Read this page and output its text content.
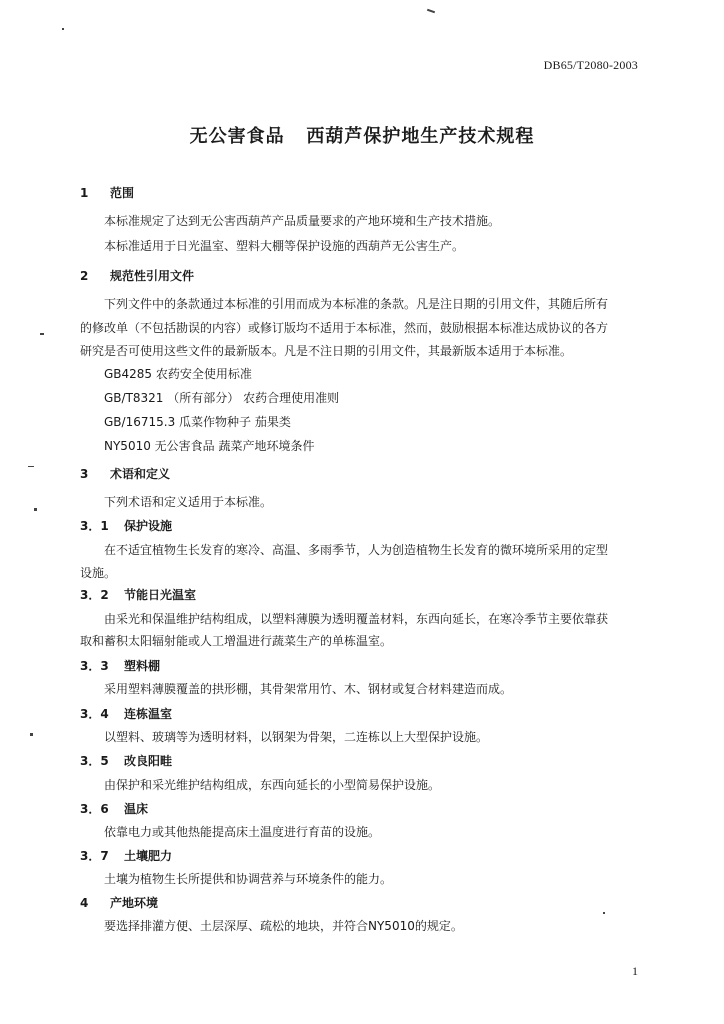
DB65/T2080-2003
无公害食品   西葫芦保护地生产技术规程
1 范围
本标准规定了达到无公害西葫芦产品质量要求的产地环境和生产技术措施。
本标准适用于日光温室、塑料大棚等保护设施的西葫芦无公害生产。
2 规范性引用文件
下列文件中的条款通过本标准的引用而成为本标准的条款。凡是注日期的引用文件，其随后所有
的修改单（不包括勘误的内容）或修订版均不适用于本标准，然而，鼓励根据本标准达成协议的各方
研究是否可使用这些文件的最新版本。凡是不注日期的引用文件，其最新版本适用于本标准。
GB4285 农药安全使用标准
GB/T8321 （所有部分） 农药合理使用准则
GB/16715.3 瓜菜作物种子 茄果类
NY5010 无公害食品 蔬菜产地环境条件
3 术语和定义
下列术语和定义适用于本标准。
3．1 保护设施
在不适宜植物生长发育的寒冷、高温、多雨季节，人为创造植物生长发育的微环境所采用的定型
设施。
3．2 节能日光温室
由采光和保温维护结构组成，以塑料薄膜为透明覆盖材料，东西向延长，在寒冷季节主要依靠获
取和蓄积太阳辐射能或人工增温进行蔬菜生产的单栋温室。
3．3 塑料棚
采用塑料薄膜覆盖的拱形棚，其骨架常用竹、木、钢材或复合材料建造而成。
3．4 连栋温室
以塑料、玻璃等为透明材料，以钢架为骨架，二连栋以上大型保护设施。
3．5 改良阳畦
由保护和采光维护结构组成，东西向延长的小型简易保护设施。
3．6 温床
依靠电力或其他热能提高床土温度进行育苗的设施。
3．7 土壤肥力
土壤为植物生长所提供和协调营养与环境条件的能力。
4 产地环境
要选择排灌方便、土层深厚、疏松的地块，并符合NY5010的规定。
1
